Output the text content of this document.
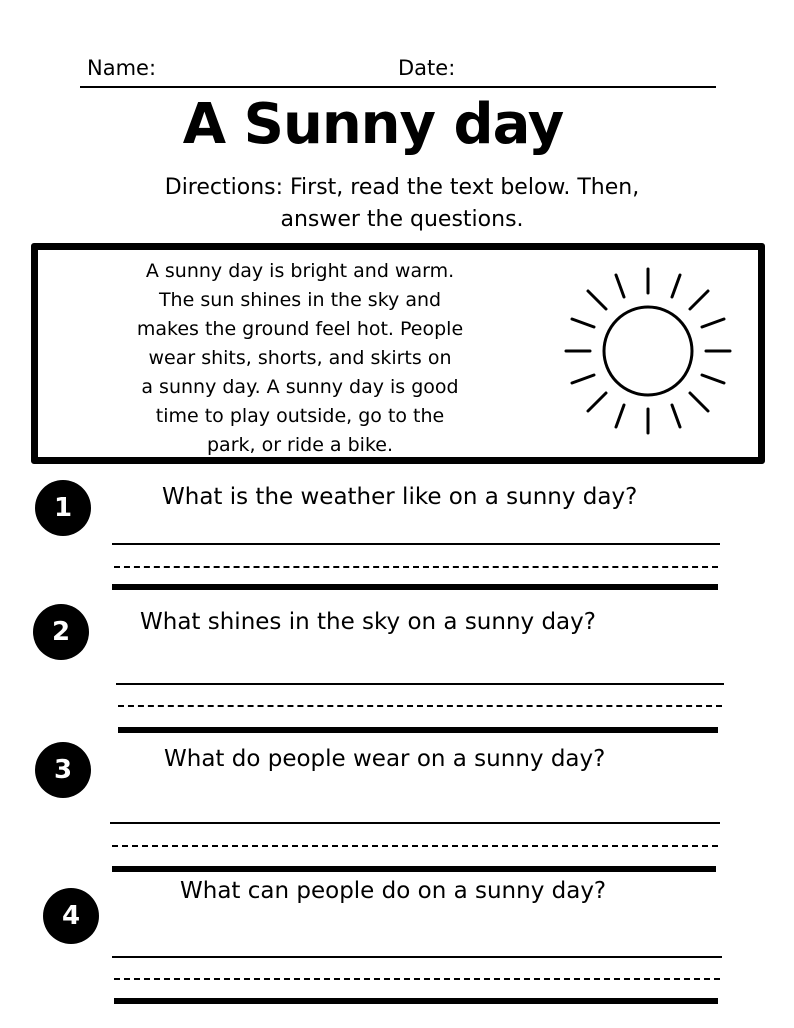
Name:	Date:
A Sunny day
Directions: First, read the text below. Then,
answer the questions.
A sunny day is bright and warm.
The sun shines in the sky and
makes the ground feel hot. People
wear shits, shorts, and skirts on
a sunny day. A sunny day is good
time to play outside, go to the
park, or ride a bike.
1	What is the weather like on a sunny day?
2	What shines in the sky on a sunny day?
3	What do people wear on a sunny day?
4
What can people do on a sunny day?
